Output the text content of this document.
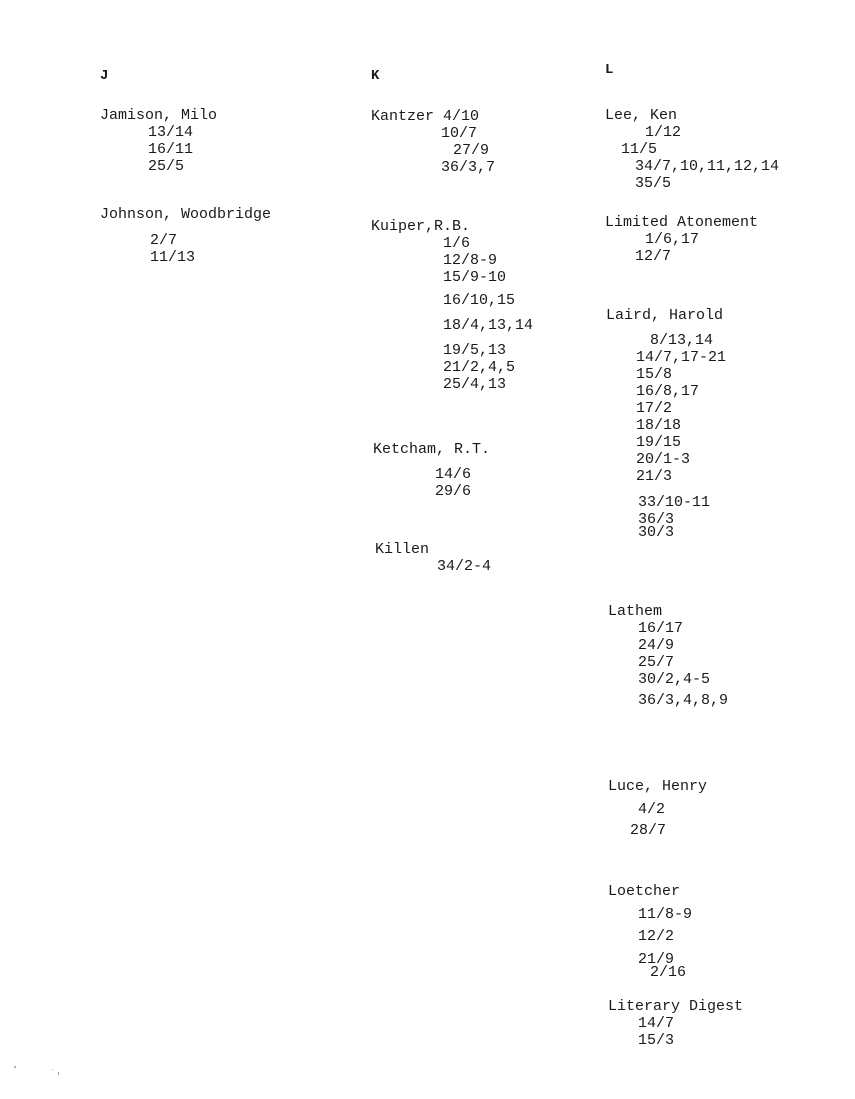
J	K	L
Jamison, Milo
13/14
16/11
25/5
Johnson, Woodbridge
2/7
11/13
Kantzer 4/10
10/7
27/9
36/3,7
Kuiper,R.B.
1/6
12/8-9
15/9-10
16/10,15
18/4,13,14
19/5,13
21/2,4,5
25/4,13
Ketcham, R.T.
14/6
29/6
Killen
34/2-4
Lee, Ken
1/12
11/5
34/7,10,11,12,14
35/5
Limited Atonement
1/6,17
12/7
Laird, Harold
8/13,14
14/7,17-21
15/8
16/8,17
17/2
18/18
19/15
20/1-3
21/3
33/10-11
36/3
30/3
Lathem
16/17
24/9
25/7
30/2,4-5
36/3,4,8,9
Luce, Henry
4/2
28/7
Loetcher
11/8-9
12/2
21/9
2/16
Literary Digest
14/7
15/3
